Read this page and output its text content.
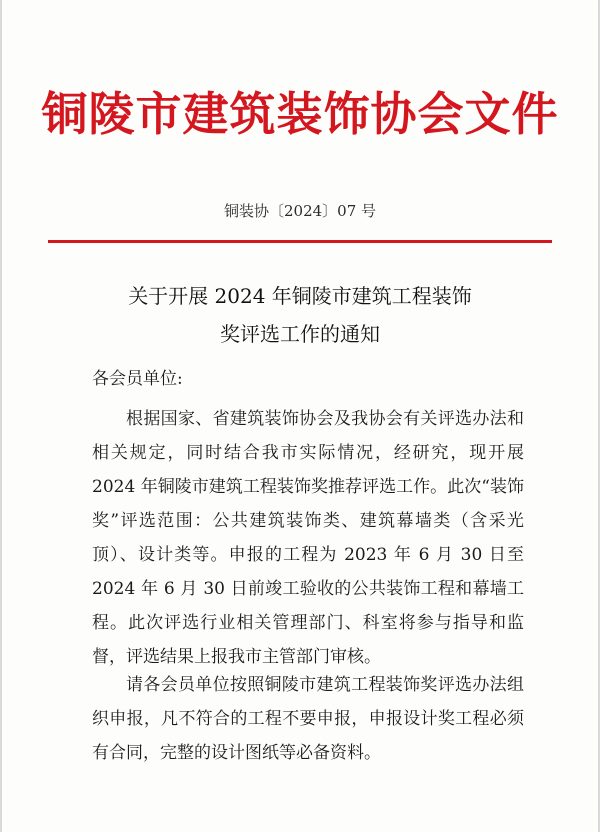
铜陵市建筑装饰协会文件
铜装协〔2024〕07 号
关于开展 2024 年铜陵市建筑工程装饰
奖评选工作的通知
各会员单位:

根据国家、省建筑装饰协会及我协会有关评选办法和相关规定，同时结合我市实际情况，经研究，现开展 2024 年铜陵市建筑工程装饰奖推荐评选工作。此次“装饰奖”评选范围：公共建筑装饰类、建筑幕墙类（含采光顶）、设计类等。申报的工程为 2023 年 6 月 30 日至 2024 年 6 月 30 日前竣工验收的公共装饰工程和幕墙工程。此次评选行业相关管理部门、科室将参与指导和监督，评选结果上报我市主管部门审核。

请各会员单位按照铜陵市建筑工程装饰奖评选办法组织申报，凡不符合的工程不要申报，申报设计奖工程必须有合同，完整的设计图纸等必备资料。
